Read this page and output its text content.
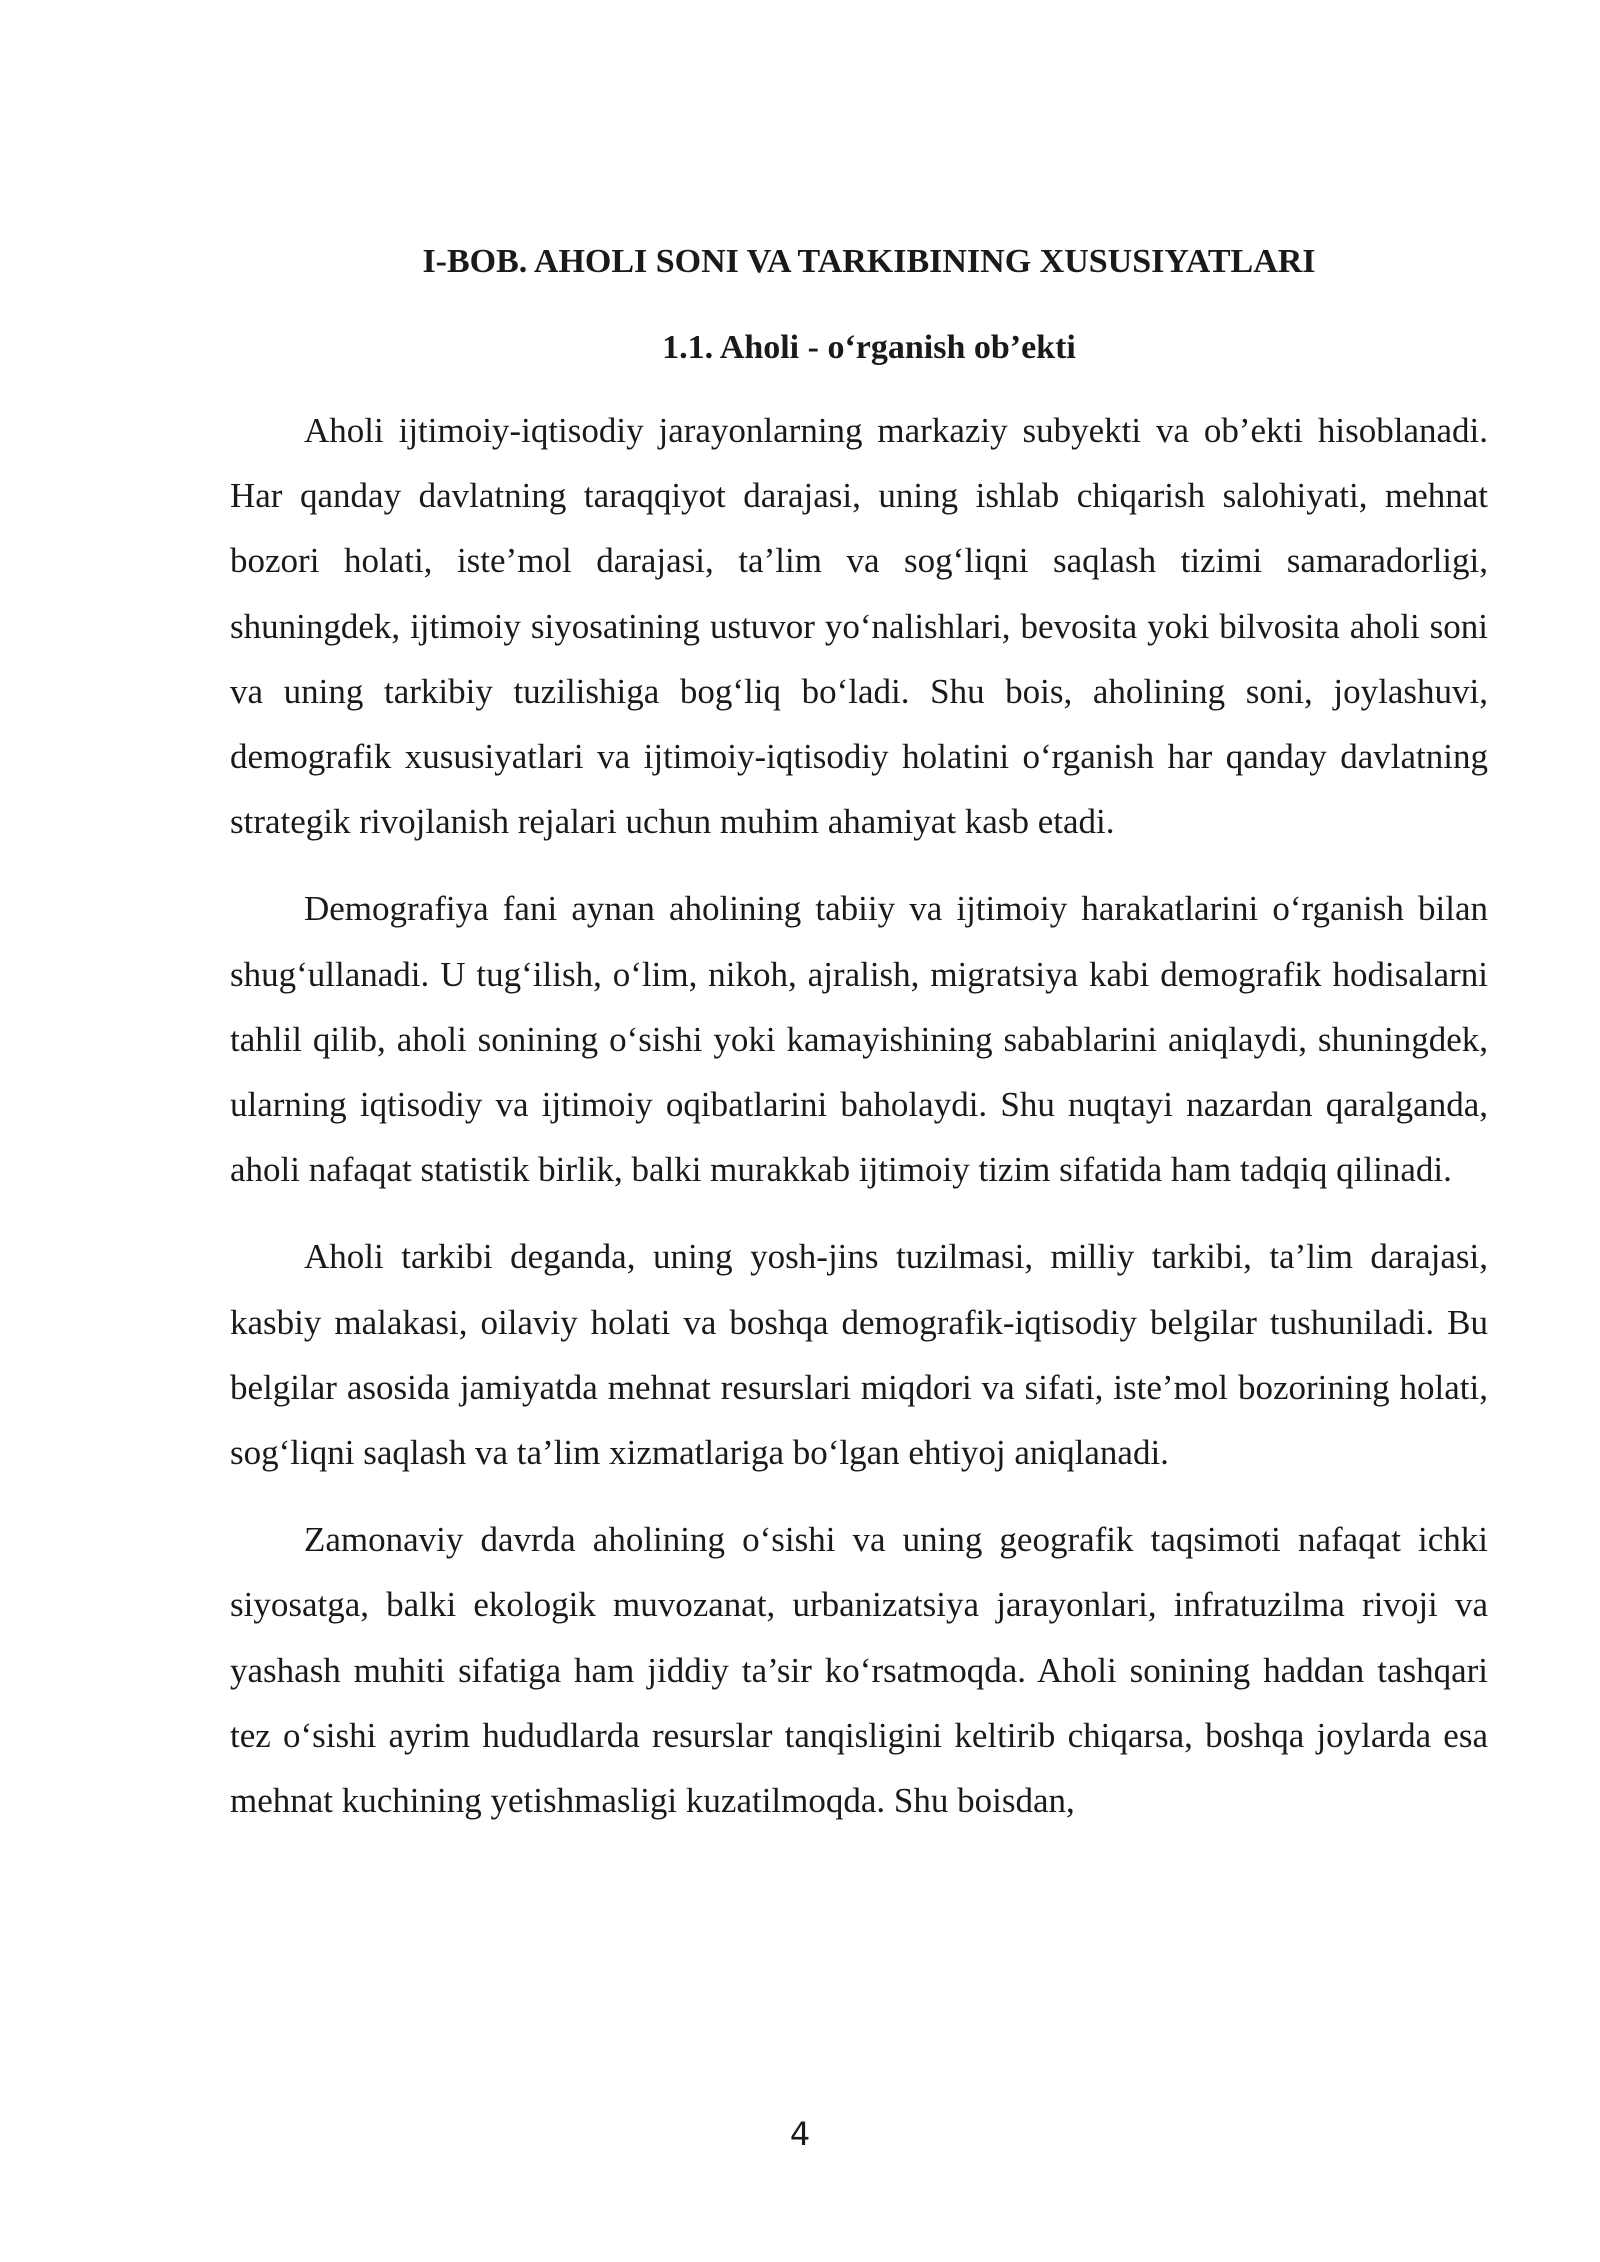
I-BOB. AHOLI SONI VA TARKIBINING XUSUSIYATLARI
1.1. Aholi - o‘rganish ob’ekti

Aholi ijtimoiy-iqtisodiy jarayonlarning markaziy subyekti va ob’ekti hisoblanadi. Har qanday davlatning taraqqiyot darajasi, uning ishlab chiqarish salohiyati, mehnat bozori holati, iste’mol darajasi, ta’lim va sog‘liqni saqlash tizimi samaradorligi, shuningdek, ijtimoiy siyosatining ustuvor yo‘nalishlari, bevosita yoki bilvosita aholi soni va uning tarkibiy tuzilishiga bog‘liq bo‘ladi. Shu bois, aholining soni, joylashuvi, demografik xususiyatlari va ijtimoiy-iqtisodiy holatini o‘rganish har qanday davlatning strategik rivojlanish rejalari uchun muhim ahamiyat kasb etadi.

Demografiya fani aynan aholining tabiiy va ijtimoiy harakatlarini o‘rganish bilan shug‘ullanadi. U tug‘ilish, o‘lim, nikoh, ajralish, migratsiya kabi demografik hodisalarni tahlil qilib, aholi sonining o‘sishi yoki kamayishining sabablarini aniqlaydi, shuningdek, ularning iqtisodiy va ijtimoiy oqibatlarini baholaydi. Shu nuqtayi nazardan qaralganda, aholi nafaqat statistik birlik, balki murakkab ijtimoiy tizim sifatida ham tadqiq qilinadi.

Aholi tarkibi deganda, uning yosh-jins tuzilmasi, milliy tarkibi, ta’lim darajasi, kasbiy malakasi, oilaviy holati va boshqa demografik-iqtisodiy belgilar tushuniladi. Bu belgilar asosida jamiyatda mehnat resurslari miqdori va sifati, iste’mol bozorining holati, sog‘liqni saqlash va ta’lim xizmatlariga bo‘lgan ehtiyoj aniqlanadi.

Zamonaviy davrda aholining o‘sishi va uning geografik taqsimoti nafaqat ichki siyosatga, balki ekologik muvozanat, urbanizatsiya jarayonlari, infratuzilma rivoji va yashash muhiti sifatiga ham jiddiy ta’sir ko‘rsatmoqda. Aholi sonining haddan tashqari tez o‘sishi ayrim hududlarda resurslar tanqisligini keltirib chiqarsa, boshqa joylarda esa mehnat kuchining yetishmasligi kuzatilmoqda. Shu boisdan,

4
